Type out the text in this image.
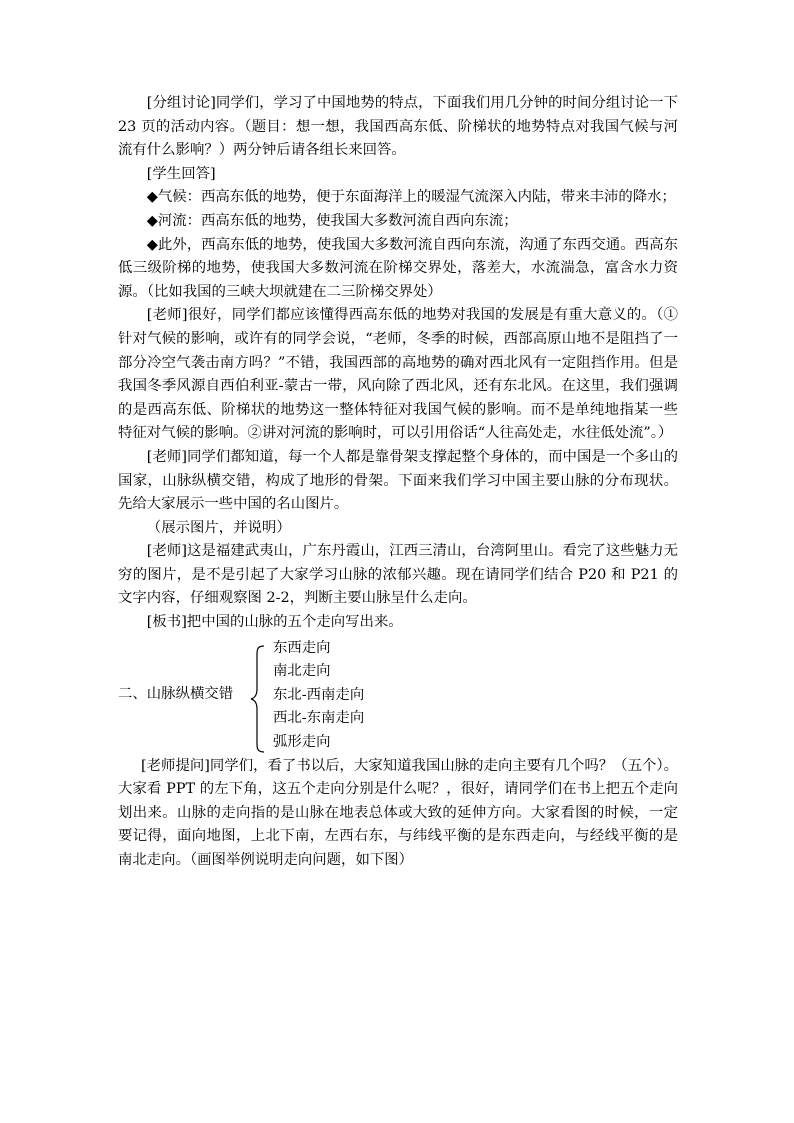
[分组讨论]同学们，学习了中国地势的特点，下面我们用几分钟的时间分组讨论一下 23 页的活动内容。（题目：想一想，我国西高东低、阶梯状的地势特点对我国气候与河流有什么影响？）两分钟后请各组长来回答。

[学生回答]

◆气候：西高东低的地势，便于东面海洋上的暖湿气流深入内陆，带来丰沛的降水；

◆河流：西高东低的地势，使我国大多数河流自西向东流；

◆此外，西高东低的地势，使我国大多数河流自西向东流，沟通了东西交通。西高东低三级阶梯的地势，使我国大多数河流在阶梯交界处，落差大，水流湍急，富含水力资源。（比如我国的三峡大坝就建在二三阶梯交界处）

[老师]很好，同学们都应该懂得西高东低的地势对我国的发展是有重大意义的。（①针对气候的影响，或许有的同学会说，“老师，冬季的时候，西部高原山地不是阻挡了一部分冷空气袭击南方吗？”不错，我国西部的高地势的确对西北风有一定阻挡作用。但是我国冬季风源自西伯利亚-蒙古一带，风向除了西北风，还有东北风。在这里，我们强调的是西高东低、阶梯状的地势这一整体特征对我国气候的影响。而不是单纯地指某一些特征对气候的影响。②讲对河流的影响时，可以引用俗话“人往高处走，水往低处流”。）

[老师]同学们都知道，每一个人都是靠骨架支撑起整个身体的，而中国是一个多山的国家，山脉纵横交错，构成了地形的骨架。下面来我们学习中国主要山脉的分布现状。先给大家展示一些中国的名山图片。

（展示图片，并说明）

[老师]这是福建武夷山，广东丹霞山，江西三清山，台湾阿里山。看完了这些魅力无穷的图片，是不是引起了大家学习山脉的浓郁兴趣。现在请同学们结合 P20 和 P21 的文字内容，仔细观察图 2-2，判断主要山脉呈什么走向。

[板书]把中国的山脉的五个走向写出来。

二、山脉纵横交错

东西走向

南北走向

东北-西南走向

西北-东南走向

弧形走向

[老师提问]同学们，看了书以后，大家知道我国山脉的走向主要有几个吗？（五个）。大家看 PPT 的左下角，这五个走向分别是什么呢？，很好，请同学们在书上把五个走向划出来。山脉的走向指的是山脉在地表总体或大致的延伸方向。大家看图的时候，一定要记得，面向地图，上北下南，左西右东，与纬线平衡的是东西走向，与经线平衡的是南北走向。（画图举例说明走向问题，如下图）
